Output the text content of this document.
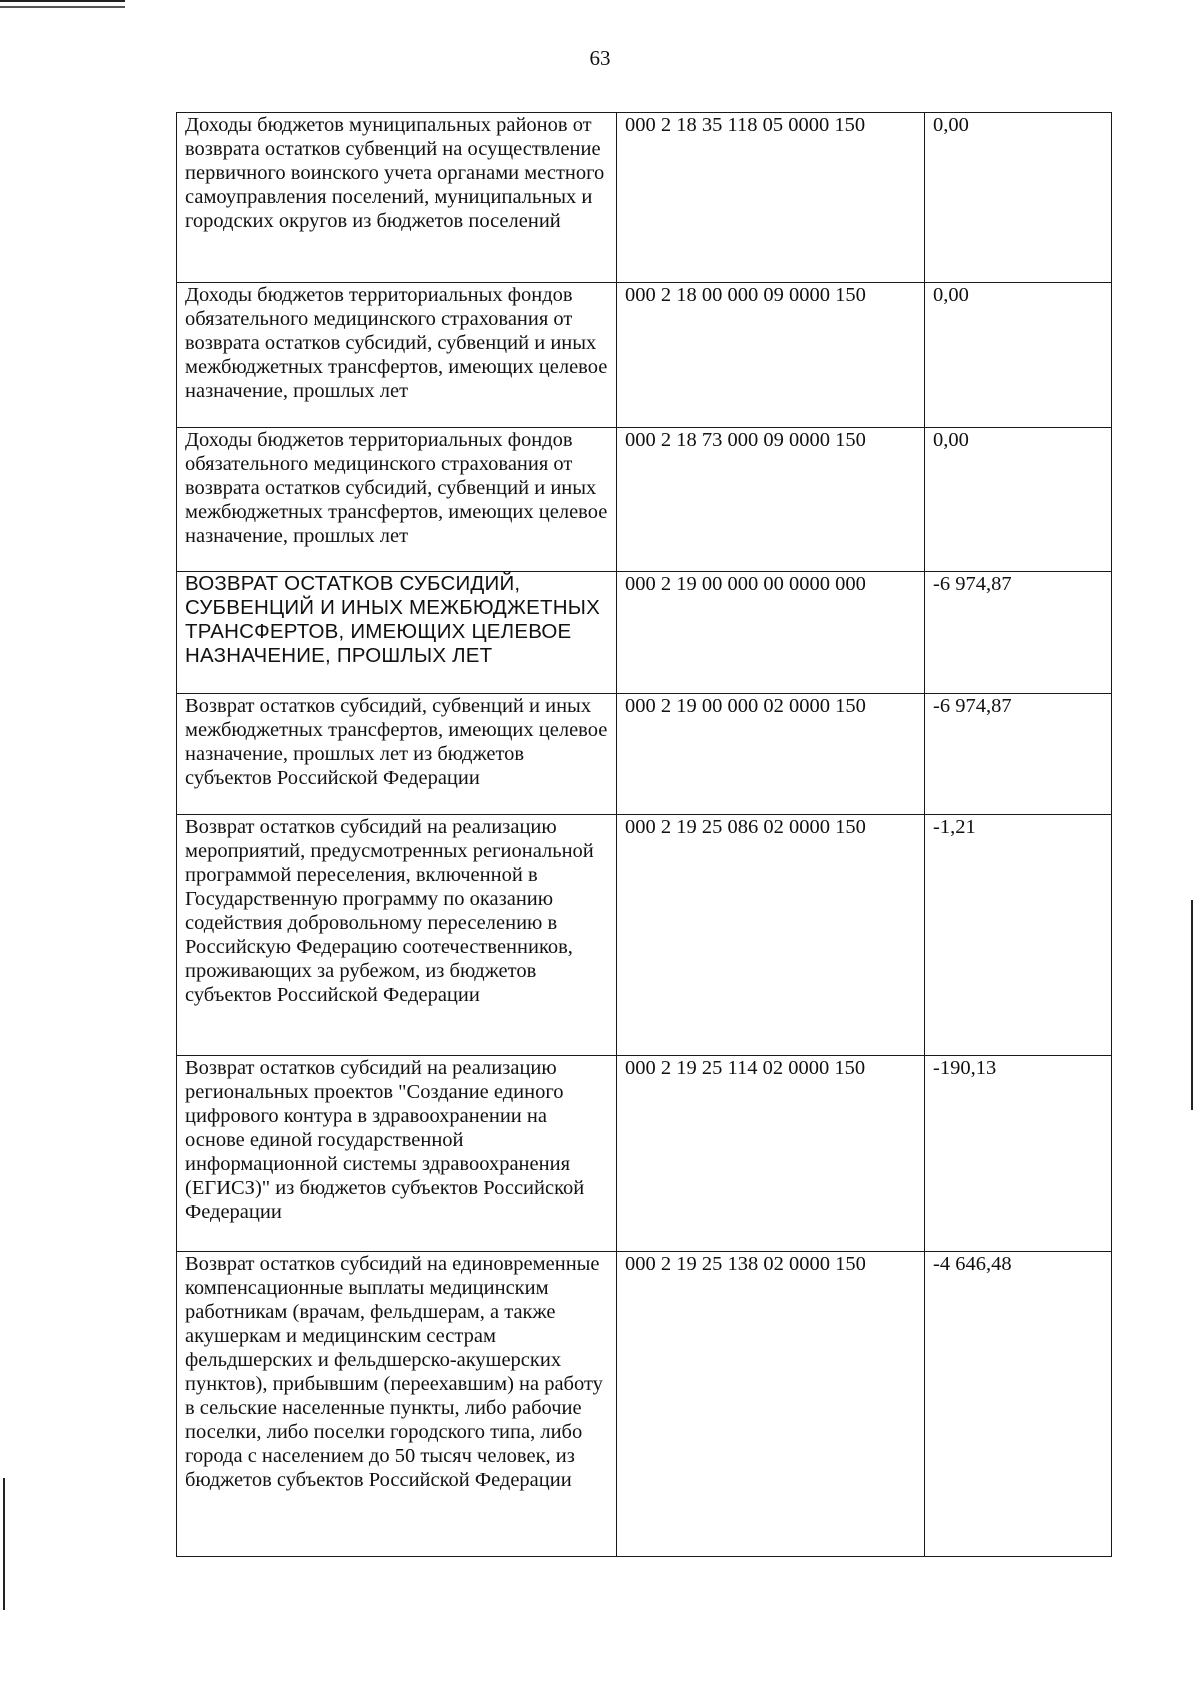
63
Доходы бюджетов муниципальных районов от возврата остатков субвенций на осуществление первичного воинского учета органами местного самоуправления поселений, муниципальных и городских округов из бюджетов поселений	000 2 18 35 118 05 0000 150	0,00
Доходы бюджетов территориальных фондов обязательного медицинского страхования от возврата остатков субсидий, субвенций и иных межбюджетных трансфертов, имеющих целевое назначение, прошлых лет	000 2 18 00 000 09 0000 150	0,00
Доходы бюджетов территориальных фондов обязательного медицинского страхования от возврата остатков субсидий, субвенций и иных межбюджетных трансфертов, имеющих целевое назначение, прошлых лет	000 2 18 73 000 09 0000 150	0,00
ВОЗВРАТ ОСТАТКОВ СУБСИДИЙ, СУБВЕНЦИЙ И ИНЫХ МЕЖБЮДЖЕТНЫХ ТРАНСФЕРТОВ, ИМЕЮЩИХ ЦЕЛЕВОЕ НАЗНАЧЕНИЕ, ПРОШЛЫХ ЛЕТ	000 2 19 00 000 00 0000 000	-6 974,87
Возврат остатков субсидий, субвенций и иных межбюджетных трансфертов, имеющих целевое назначение, прошлых лет из бюджетов субъектов Российской Федерации	000 2 19 00 000 02 0000 150	-6 974,87
Возврат остатков субсидий на реализацию мероприятий, предусмотренных региональной программой переселения, включенной в Государственную программу по оказанию содействия добровольному переселению в Российскую Федерацию соотечественников, проживающих за рубежом, из бюджетов субъектов Российской Федерации	000 2 19 25 086 02 0000 150	-1,21
Возврат остатков субсидий на реализацию региональных проектов "Создание единого цифрового контура в здравоохранении на основе единой государственной информационной системы здравоохранения (ЕГИСЗ)" из бюджетов субъектов Российской Федерации	000 2 19 25 114 02 0000 150	-190,13
Возврат остатков субсидий на единовременные компенсационные выплаты медицинским работникам (врачам, фельдшерам, а также акушеркам и медицинским сестрам фельдшерских и фельдшерско-акушерских пунктов), прибывшим (переехавшим) на работу в сельские населенные пункты, либо рабочие поселки, либо поселки городского типа, либо города с населением до 50 тысяч человек, из бюджетов субъектов Российской Федерации	000 2 19 25 138 02 0000 150	-4 646,48
